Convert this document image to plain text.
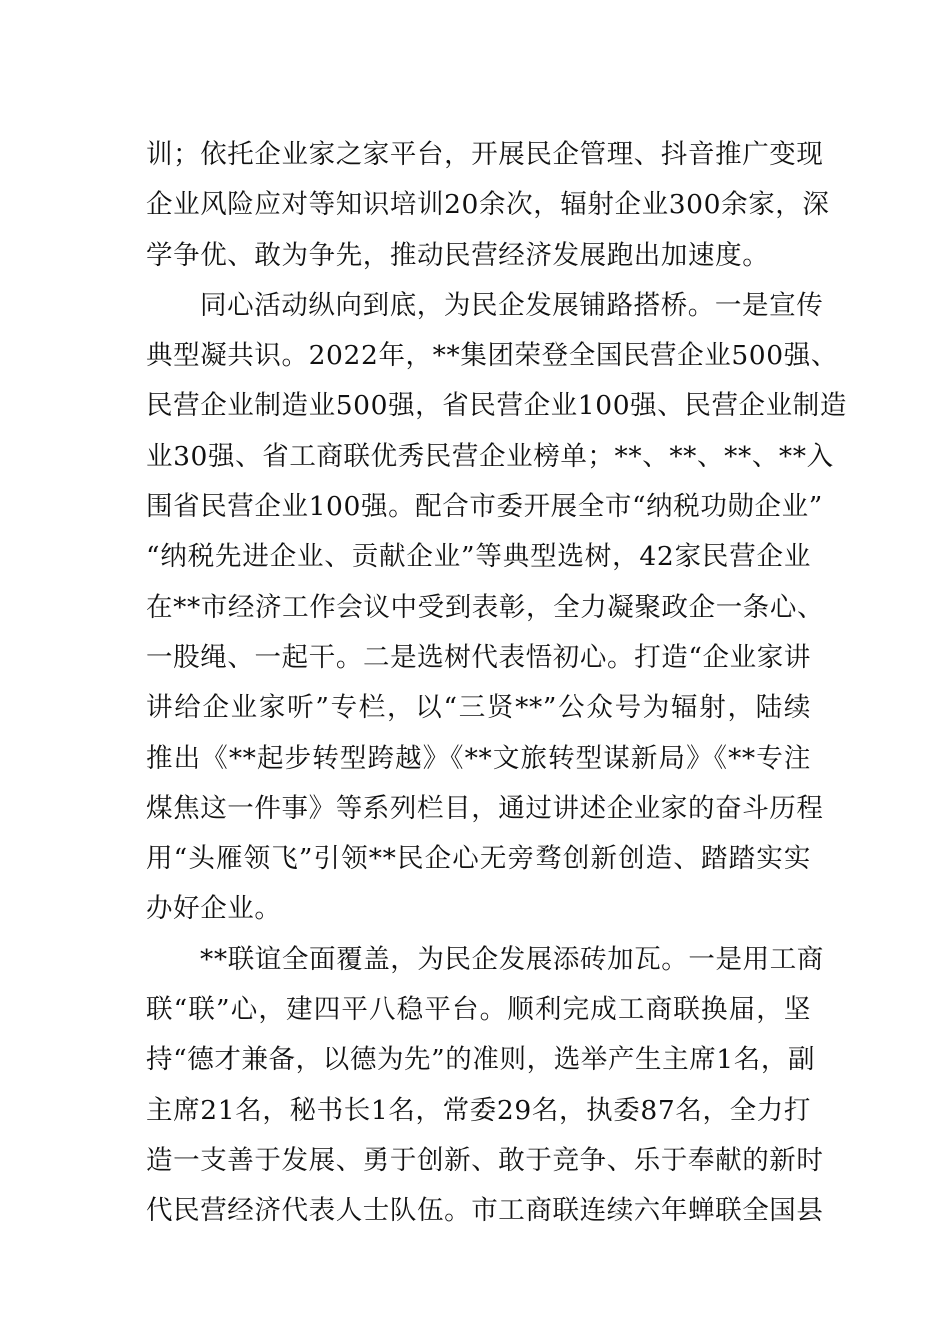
训；依托企业家之家平台，开展民企管理、抖音推广变现
企业风险应对等知识培训20余次，辐射企业300余家，深
学争优、敢为争先，推动民营经济发展跑出加速度。
同心活动纵向到底，为民企发展铺路搭桥。一是宣传
典型凝共识。2022年，**集团荣登全国民营企业500强、
民营企业制造业500强，省民营企业100强、民营企业制造
业30强、省工商联优秀民营企业榜单；**、**、**、**入
围省民营企业100强。配合市委开展全市“纳税功勋企业”
“纳税先进企业、贡献企业”等典型选树，42家民营企业
在**市经济工作会议中受到表彰，全力凝聚政企一条心、
一股绳、一起干。二是选树代表悟初心。打造“企业家讲
讲给企业家听”专栏，以“三贤**”公众号为辐射，陆续
推出《**起步转型跨越》《**文旅转型谋新局》《**专注
煤焦这一件事》等系列栏目，通过讲述企业家的奋斗历程
用“头雁领飞”引领**民企心无旁骛创新创造、踏踏实实
办好企业。
**联谊全面覆盖，为民企发展添砖加瓦。一是用工商
联“联”心，建四平八稳平台。顺利完成工商联换届，坚
持“德才兼备，以德为先”的准则，选举产生主席1名，副
主席21名，秘书长1名，常委29名，执委87名，全力打
造一支善于发展、勇于创新、敢于竞争、乐于奉献的新时
代民营经济代表人士队伍。市工商联连续六年蝉联全国县
